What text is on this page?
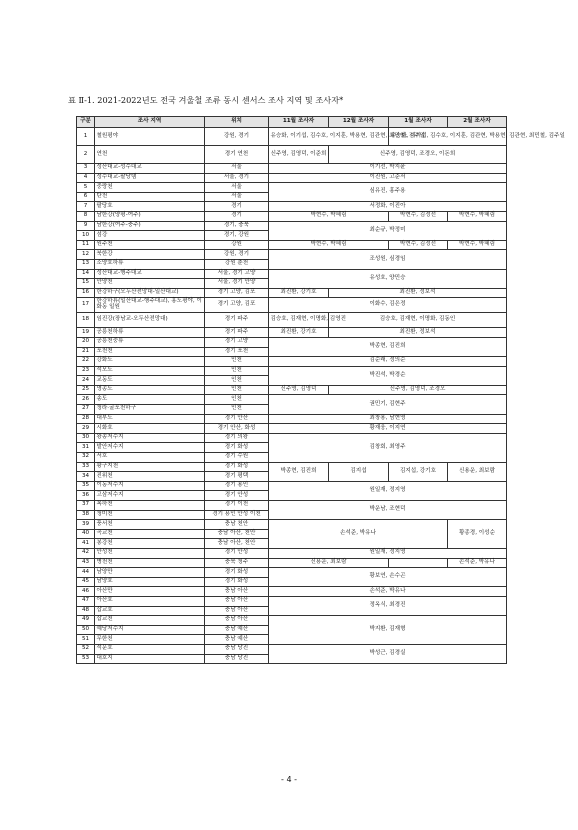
표 Ⅱ-1. 2021-2022년도 전국 겨울철 조류 동시 센서스 조사 지역 및 조사자*
구분	조사 지역	위치	11월 조사자	12월 조사자	1월 조사자	2월 조사자
1	철원평야	강원, 경기	유승화, 이기섭, 김수호, 이지훈, 박용현, 김관현, 최민철, 김주일		유승화, 이기섭, 김수호, 이지훈, 김관현, 박용현, 김관현, 최민철, 김주일	
2	연천	경기 연천	신주영, 김영덕, 이준희	신주영, 김영덕, 조경오, 이돈희		
3	성산대교-성수대교	서울	이기선, 박지윤			
4	성수대교-팔당댐	서울, 경기	이진원, 고준서			
5	중랑천	서울	심유진, 홍주용			
6	탄천	서울				
7	팔당호	경기	서정화, 이진아			
8	남한강(양평-여주)	경기	박현수, 박혜림		박현수, 김정선	박현수, 박혜림
9	남한강(여주-충주)	경기, 충북	최순규, 박정미			
10	섬강	경기, 강원				
11	원주천	강원	박현수, 박혜림		박현수, 김정선	박현수, 박혜림
12	북한강	강원, 경기	조성원, 심경임			
13	소양호하류	강원 춘천				
14	성산대교-행주대교	서울, 경기 고양	유성호, 양민승			
15	안양천	서울, 경기 안양				
16	한강하구(오두산전망대-일산대교)	경기 고양, 김포	최진환, 강기호	최진환, 정보석		
17	한강하류(일산대교-행주대교), 홍도평야, 이화동 일원	경기 고양, 김포	이화수, 김은정			
18	임진강(장남교-오두산전망대)	경기 파주	김승호, 김재현, 이명화, 김영진	김승호, 김재현, 이명화, 김동인		
19	공릉천하류	경기 파주	최진환, 강기호	최진환, 정보석		
20	공릉천중류	경기 고양	박종현, 김진희			
21	포천천	경기 포천				
22	강화도	인천	김순래, 정의순			
23	석모도	인천	박진석, 박경순			
24	교동도	인천				
25	영종도	인천	신주영, 김영덕	신주영, 김영덕, 조경오		
26	송도	인천	권민기, 김현주			
27	청라·굴포천하구	인천				
28	대부도	경기 안산	최창용, 남현영			
29	시화호	경기 안산, 화성	황재웅, 이지연			
30	왕송저수지	경기 의왕	김창회, 최영주			
31	발안저수지	경기 화성				
32	서호	경기 수원				
33	황구지천	경기 화성	박종현, 김진희	김지섭	김지섭, 강기호	신용운, 최보람
34	진위천	경기 평택				
35	이동저수지	경기 용인	원일재, 정지영			
36	고삼저수지	경기 안성				
37	복하천	경기 이천	박운남, 조현덕			
38	청미천	경기 용인 안성 이천				
39	풍서천	충남 천안	손석준, 박유나			황종경, 이성순
40	곡교천	충남 아산, 천안				
41	봉강천	충남 아산, 천안				
42	안성천	경기 안성	원일재, 정지영			
43	병천천	충북 청주	신용운, 최보람			손석준, 박유나
44	남양만	경기 화성	황보연, 손수곤			
45	남양호	경기 화성				
46	아산만	충남 아산	손석준, 박유나			
47	아산호	충남 아산	정옥식, 최경진			
48	삽교호	충남 아산				
49	삽교천	충남 아산	박지환, 김재형			
50	예당저수지	충남 예산				
51	무한천	충남 예산				
52	석문호	충남 당진	박성근, 김경실			
53	대호지	충남 당진				
- 4 -
